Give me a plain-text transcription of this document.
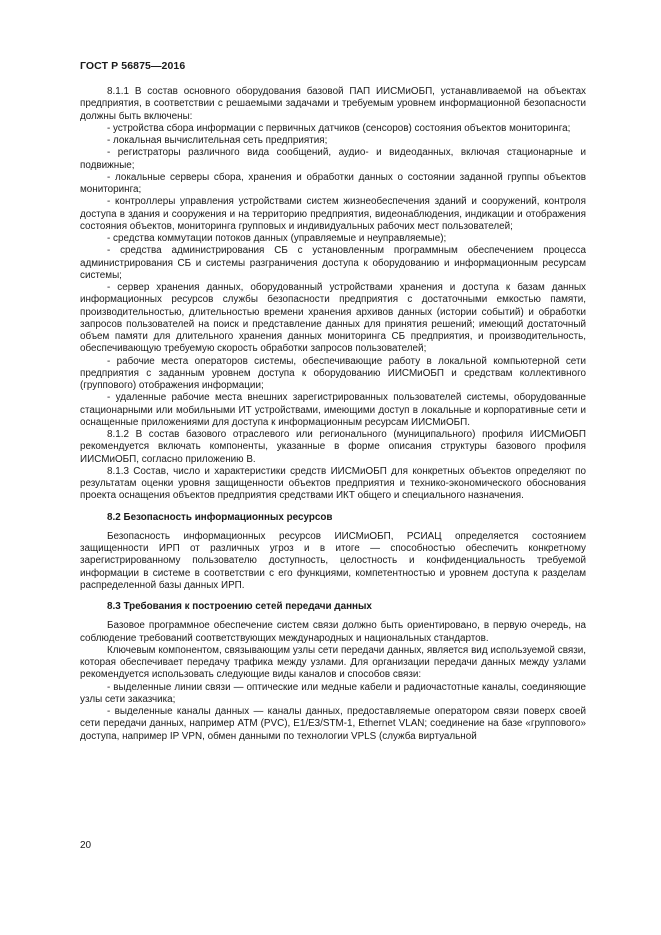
ГОСТ Р 56875—2016

8.1.1 В состав основного оборудования базовой ПАП ИИСМиОБП, устанавливаемой на объектах предприятия, в соответствии с решаемыми задачами и требуемым уровнем информационной безопасности должны быть включены:

- устройства сбора информации с первичных датчиков (сенсоров) состояния объектов мониторинга;

- локальная вычислительная сеть предприятия;

- регистраторы различного вида сообщений, аудио- и видеоданных, включая стационарные и подвижные;

- локальные серверы сбора, хранения и обработки данных о состоянии заданной группы объектов мониторинга;

- контроллеры управления устройствами систем жизнеобеспечения зданий и сооружений, контроля доступа в здания и сооружения и на территорию предприятия, видеонаблюдения, индикации и отображения состояния объектов, мониторинга групповых и индивидуальных рабочих мест пользователей;

- средства коммутации потоков данных (управляемые и неуправляемые);

- средства администрирования СБ с установленным программным обеспечением процесса администрирования СБ и системы разграничения доступа к оборудованию и информационным ресурсам системы;

- сервер хранения данных, оборудованный устройствами хранения и доступа к базам данных информационных ресурсов службы безопасности предприятия с достаточными емкостью памяти, производительностью, длительностью времени хранения архивов данных (истории событий) и обработки запросов пользователей на поиск и представление данных для принятия решений; имеющий достаточный объем памяти для длительного хранения данных мониторинга СБ предприятия, и производительность, обеспечивающую требуемую скорость обработки запросов пользователей;

- рабочие места операторов системы, обеспечивающие работу в локальной компьютерной сети предприятия с заданным уровнем доступа к оборудованию ИИСМиОБП и средствам коллективного (группового) отображения информации;

- удаленные рабочие места внешних зарегистрированных пользователей системы, оборудованные стационарными или мобильными ИТ устройствами, имеющими доступ в локальные и корпоративные сети и оснащенные приложениями для доступа к информационным ресурсам ИИСМиОБП.

8.1.2 В состав базового отраслевого или регионального (муниципального) профиля ИИСМиОБП рекомендуется включать компоненты, указанные в форме описания структуры базового профиля ИИСМиОБП, согласно приложению В.

8.1.3 Состав, число и характеристики средств ИИСМиОБП для конкретных объектов определяют по результатам оценки уровня защищенности объектов предприятия и технико-экономического обоснования проекта оснащения объектов предприятия средствами ИКТ общего и специального назначения.

8.2 Безопасность информационных ресурсов

Безопасность информационных ресурсов ИИСМиОБП, РСИАЦ определяется состоянием защищенности ИРП от различных угроз и в итоге — способностью обеспечить конкретному зарегистрированному пользователю доступность, целостность и конфиденциальность требуемой информации в системе в соответствии с его функциями, компетентностью и уровнем доступа к разделам распределенной базы данных ИРП.

8.3 Требования к построению сетей передачи данных

Базовое программное обеспечение систем связи должно быть ориентировано, в первую очередь, на соблюдение требований соответствующих международных и национальных стандартов.

Ключевым компонентом, связывающим узлы сети передачи данных, является вид используемой связи, которая обеспечивает передачу трафика между узлами. Для организации передачи данных между узлами рекомендуется использовать следующие виды каналов и способов связи:

- выделенные линии связи — оптические или медные кабели и радиочастотные каналы, соединяющие узлы сети заказчика;

- выделенные каналы данных — каналы данных, предоставляемые оператором связи поверх своей сети передачи данных, например АТМ (PVC), E1/E3/STM-1, Ethernet VLAN; соединение на базе «группового» доступа, например IP VPN, обмен данными по технологии VPLS (служба виртуальной

20
